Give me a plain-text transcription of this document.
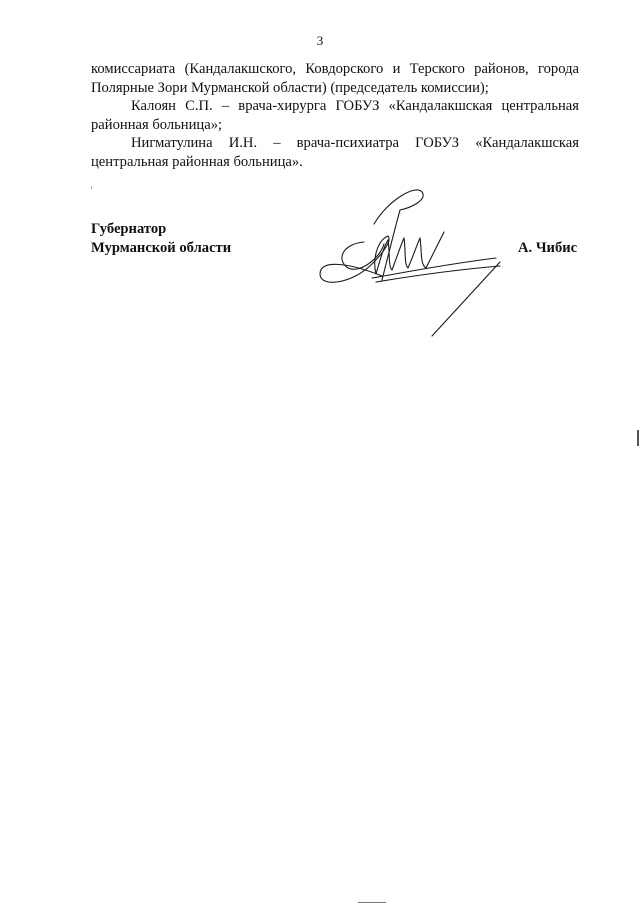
3

комиссариата (Кандалакшского, Ковдорского и Терского районов, города Полярные Зори Мурманской области) (председатель комиссии);

Калоян С.П. – врача-хирурга ГОБУЗ «Кандалакшская центральная районная больница»;

Нигматулина И.Н. – врача-психиатра ГОБУЗ «Кандалакшская центральная районная больница».

Губернатор
Мурманской области	А. Чибис
